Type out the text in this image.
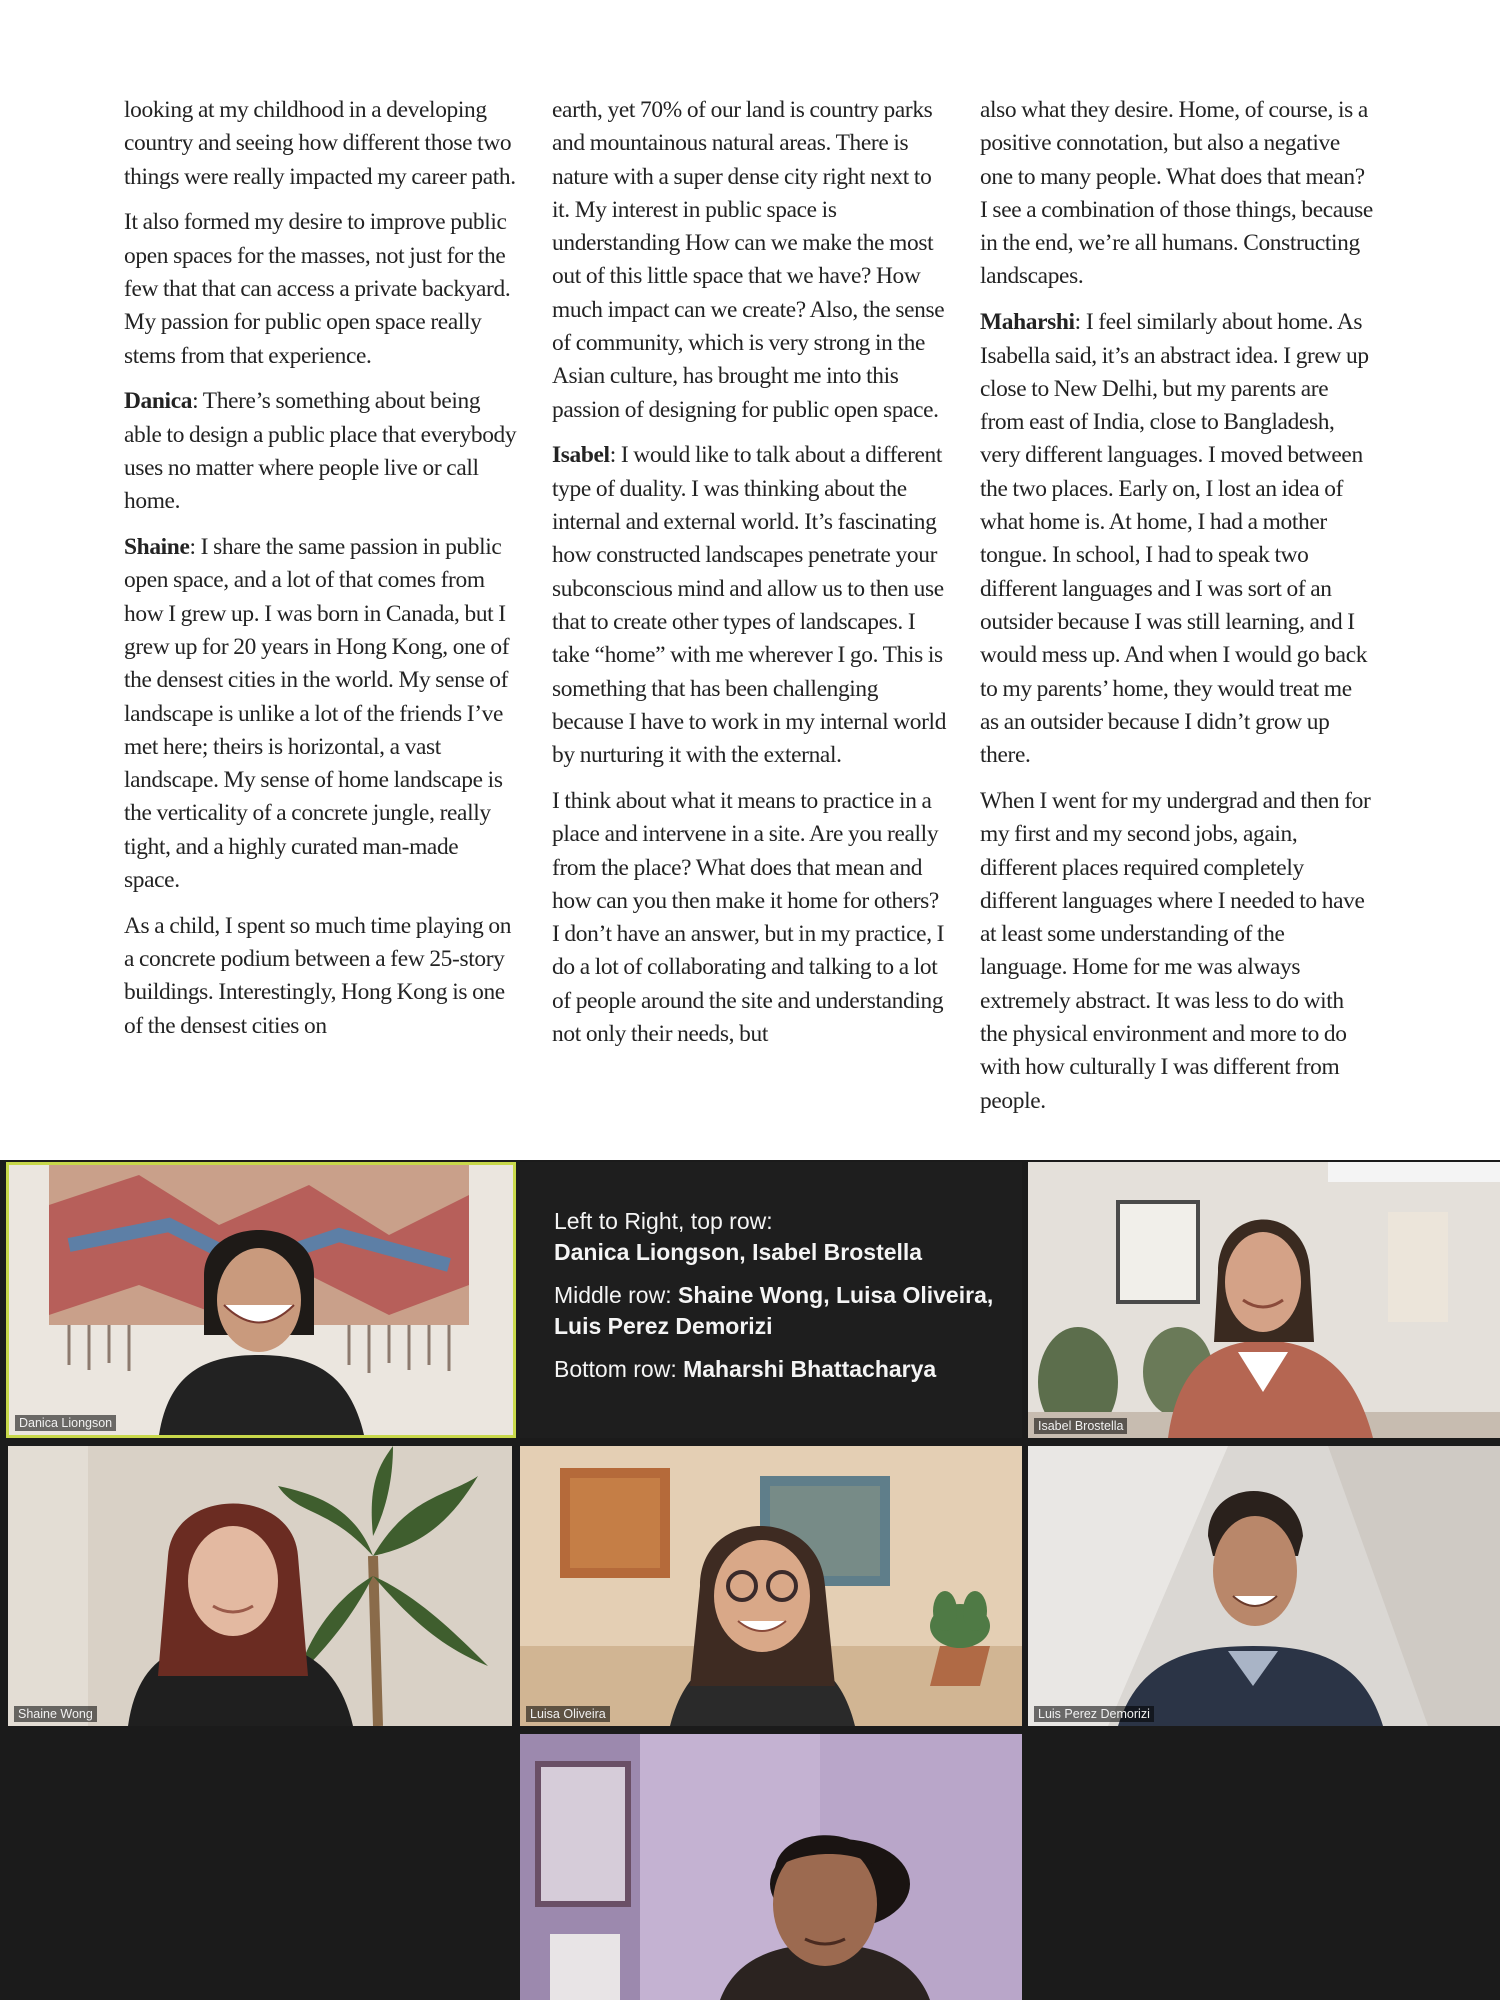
looking at my childhood in a developing country and seeing how different those two things were really impacted my career path.

It also formed my desire to improve public open spaces for the masses, not just for the few that that can access a private backyard. My passion for public open space really stems from that experience.

Danica: There’s something about being able to design a public place that everybody uses no matter where people live or call home.

Shaine: I share the same passion in public open space, and a lot of that comes from how I grew up. I was born in Canada, but I grew up for 20 years in Hong Kong, one of the densest cities in the world. My sense of landscape is unlike a lot of the friends I’ve met here; theirs is horizontal, a vast landscape. My sense of home landscape is the verticality of a concrete jungle, really tight, and a highly curated man-made space.

As a child, I spent so much time playing on a concrete podium between a few 25-story buildings. Interestingly, Hong Kong is one of the densest cities on

earth, yet 70% of our land is country parks and mountainous natural areas. There is nature with a super dense city right next to it. My interest in public space is understanding How can we make the most out of this little space that we have? How much impact can we create? Also, the sense of community, which is very strong in the Asian culture, has brought me into this passion of designing for public open space.

Isabel: I would like to talk about a different type of duality. I was thinking about the internal and external world. It’s fascinating how constructed landscapes penetrate your subconscious mind and allow us to then use that to create other types of landscapes. I take “home” with me wherever I go. This is something that has been challenging because I have to work in my internal world by nurturing it with the external.

I think about what it means to practice in a place and intervene in a site. Are you really from the place? What does that mean and how can you then make it home for others? I don’t have an answer, but in my practice, I do a lot of collaborating and talking to a lot of people around the site and understanding not only their needs, but

also what they desire. Home, of course, is a positive connotation, but also a negative one to many people. What does that mean? I see a combination of those things, because in the end, we’re all humans. Constructing landscapes.

Maharshi: I feel similarly about home. As Isabella said, it’s an abstract idea. I grew up close to New Delhi, but my parents are from east of India, close to Bangladesh, very different languages. I moved between the two places. Early on, I lost an idea of what home is. At home, I had a mother tongue. In school, I had to speak two different languages and I was sort of an outsider because I was still learning, and I would mess up. And when I would go back to my parents’ home, they would treat me as an outsider because I didn’t grow up there.

When I went for my undergrad and then for my first and my second jobs, again, different places required completely different languages where I needed to have at least some understanding of the language. Home for me was always extremely abstract. It was less to do with the physical environment and more to do with how culturally I was different from people.

Danica Liongson

Left to Right, top row:
Danica Liongson, Isabel Brostella

Middle row: Shaine Wong, Luisa Oliveira, Luis Perez Demorizi

Bottom row: Maharshi Bhattacharya

Isabel Brostella
Shaine Wong	Luisa Oliveira	Luis Perez Demorizi
